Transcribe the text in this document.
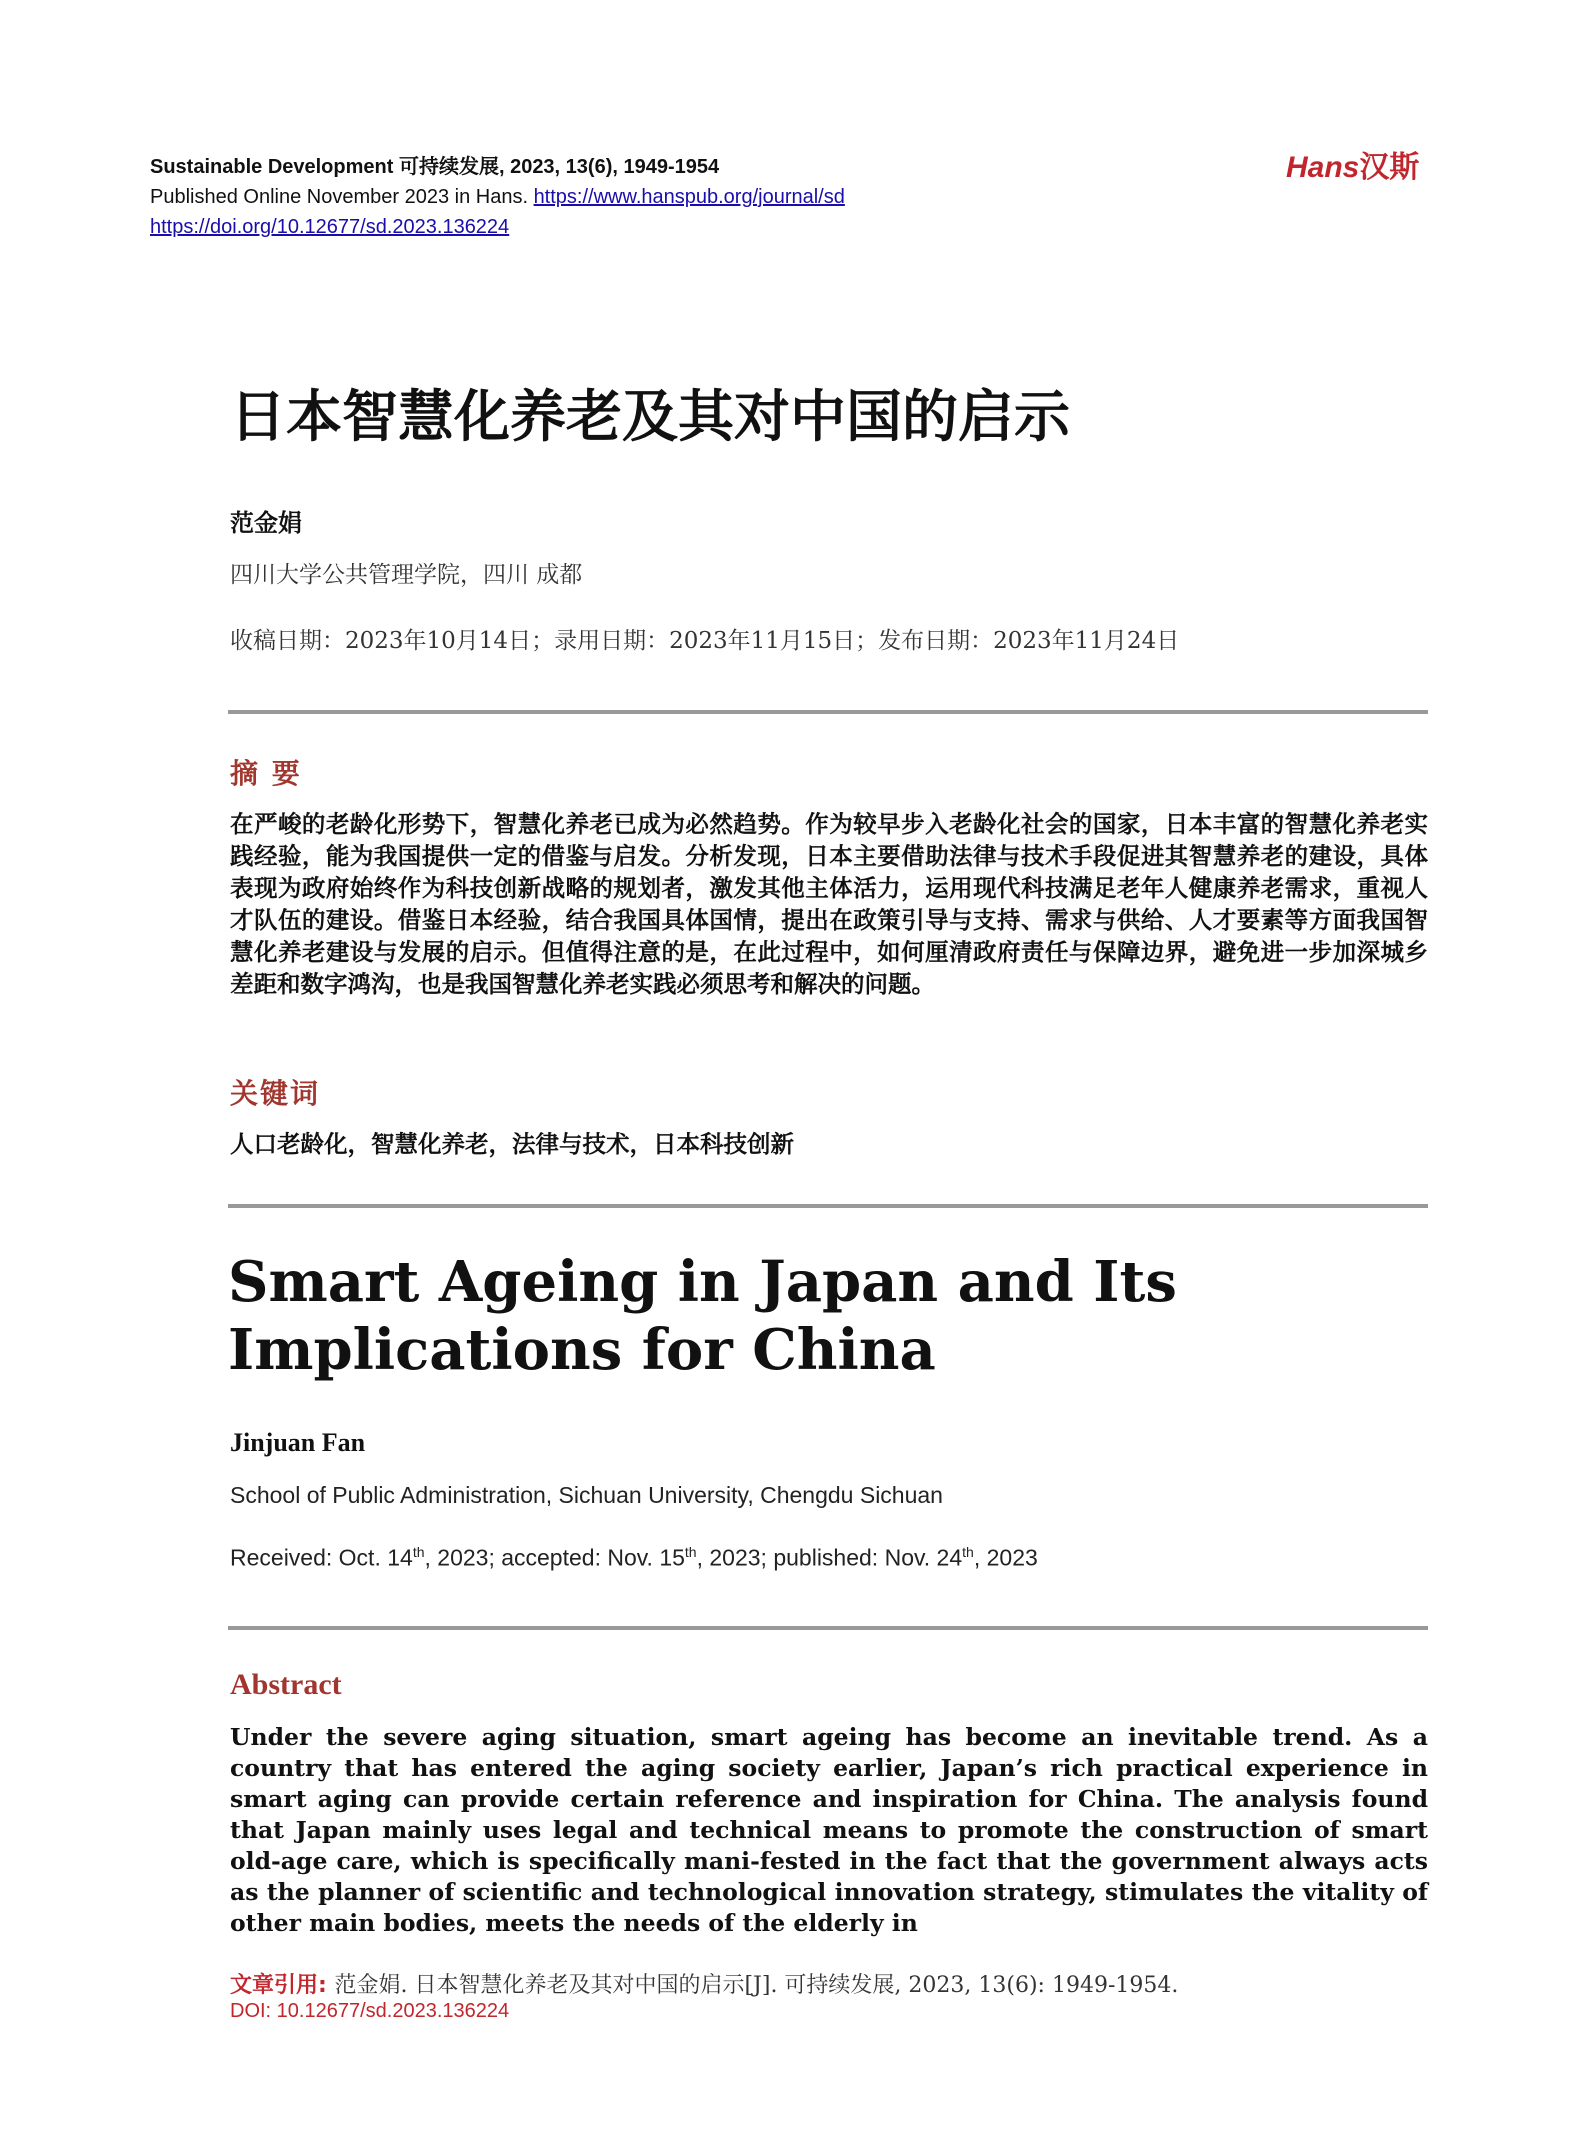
Sustainable Development 可持续发展, 2023, 13(6), 1949-1954
Published Online November 2023 in Hans. https://www.hanspub.org/journal/sd
https://doi.org/10.12677/sd.2023.136224
Hans汉斯
日本智慧化养老及其对中国的启示
范金娟
四川大学公共管理学院，四川 成都
收稿日期：2023年10月14日；录用日期：2023年11月15日；发布日期：2023年11月24日
摘 要
在严峻的老龄化形势下，智慧化养老已成为必然趋势。作为较早步入老龄化社会的国家，日本丰富的智慧化养老实践经验，能为我国提供一定的借鉴与启发。分析发现，日本主要借助法律与技术手段促进其智慧养老的建设，具体表现为政府始终作为科技创新战略的规划者，激发其他主体活力，运用现代科技满足老年人健康养老需求，重视人才队伍的建设。借鉴日本经验，结合我国具体国情，提出在政策引导与支持、需求与供给、人才要素等方面我国智慧化养老建设与发展的启示。但值得注意的是，在此过程中，如何厘清政府责任与保障边界，避免进一步加深城乡差距和数字鸿沟，也是我国智慧化养老实践必须思考和解决的问题。
关键词
人口老龄化，智慧化养老，法律与技术，日本科技创新
Smart Ageing in Japan and Its
Implications for China
Jinjuan Fan
School of Public Administration, Sichuan University, Chengdu Sichuan
Received: Oct. 14th, 2023; accepted: Nov. 15th, 2023; published: Nov. 24th, 2023
Abstract
Under the severe aging situation, smart ageing has become an inevitable trend. As a country that has entered the aging society earlier, Japan’s rich practical experience in smart aging can provide certain reference and inspiration for China. The analysis found that Japan mainly uses legal and technical means to promote the construction of smart old-age care, which is specifically mani-fested in the fact that the government always acts as the planner of scientific and technological innovation strategy, stimulates the vitality of other main bodies, meets the needs of the elderly in
文章引用: 范金娟. 日本智慧化养老及其对中国的启示[J]. 可持续发展, 2023, 13(6): 1949-1954.
DOI: 10.12677/sd.2023.136224
